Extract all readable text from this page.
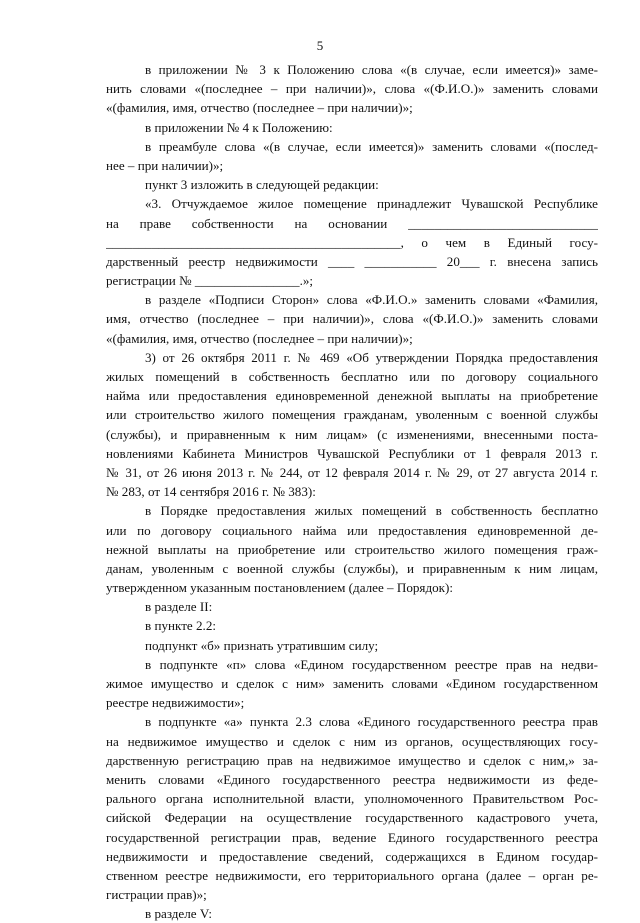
5
в приложении № 3 к Положению слова «(в случае, если имеется)» заме-
нить словами «(последнее – при наличии)», слова «(Ф.И.О.)» заменить словами
«(фамилия, имя, отчество (последнее – при наличии)»;
в приложении № 4 к Положению:
в преамбуле слова «(в случае, если имеется)» заменить словами «(послед-
нее – при наличии)»;
пункт 3 изложить в следующей редакции:
«3. Отчуждаемое жилое помещение принадлежит Чувашской Республике
на праве собственности на основании _____________________________
_____________________________________________, о чем в Единый госу-
дарственный реестр недвижимости ____ ___________ 20___ г. внесена запись
регистрации № ________________.»;
в разделе «Подписи Сторон» слова «Ф.И.О.» заменить словами «Фамилия,
имя, отчество (последнее – при наличии)», слова «(Ф.И.О.)» заменить словами
«(фамилия, имя, отчество (последнее – при наличии)»;
3) от 26 октября 2011 г. № 469 «Об утверждении Порядка предоставления
жилых помещений в собственность бесплатно или по договору социального
найма или предоставления единовременной денежной выплаты на приобретение
или строительство жилого помещения гражданам, уволенным с военной службы
(службы), и приравненным к ним лицам» (с изменениями, внесенными поста-
новлениями Кабинета Министров Чувашской Республики от 1 февраля 2013 г.
№ 31, от 26 июня 2013 г. № 244, от 12 февраля 2014 г. № 29, от 27 августа 2014 г.
№ 283, от 14 сентября 2016 г. № 383):
в Порядке предоставления жилых помещений в собственность бесплатно
или по договору социального найма или предоставления единовременной де-
нежной выплаты на приобретение или строительство жилого помещения граж-
данам, уволенным с военной службы (службы), и приравненным к ним лицам,
утвержденном указанным постановлением (далее – Порядок):
в разделе II:
в пункте 2.2:
подпункт «б» признать утратившим силу;
в подпункте «п» слова «Едином государственном реестре прав на недви-
жимое имущество и сделок с ним» заменить словами «Едином государственном
реестре недвижимости»;
в подпункте «а» пункта 2.3 слова «Единого государственного реестра прав
на недвижимое имущество и сделок с ним из органов, осуществляющих госу-
дарственную регистрацию прав на недвижимое имущество и сделок с ним,» за-
менить словами «Единого государственного реестра недвижимости из феде-
рального органа исполнительной власти, уполномоченного Правительством Рос-
сийской Федерации на осуществление государственного кадастрового учета,
государственной регистрации прав, ведение Единого государственного реестра
недвижимости и предоставление сведений, содержащихся в Едином государ-
ственном реестре недвижимости, его территориального органа (далее – орган ре-
гистрации прав)»;
в разделе V:
